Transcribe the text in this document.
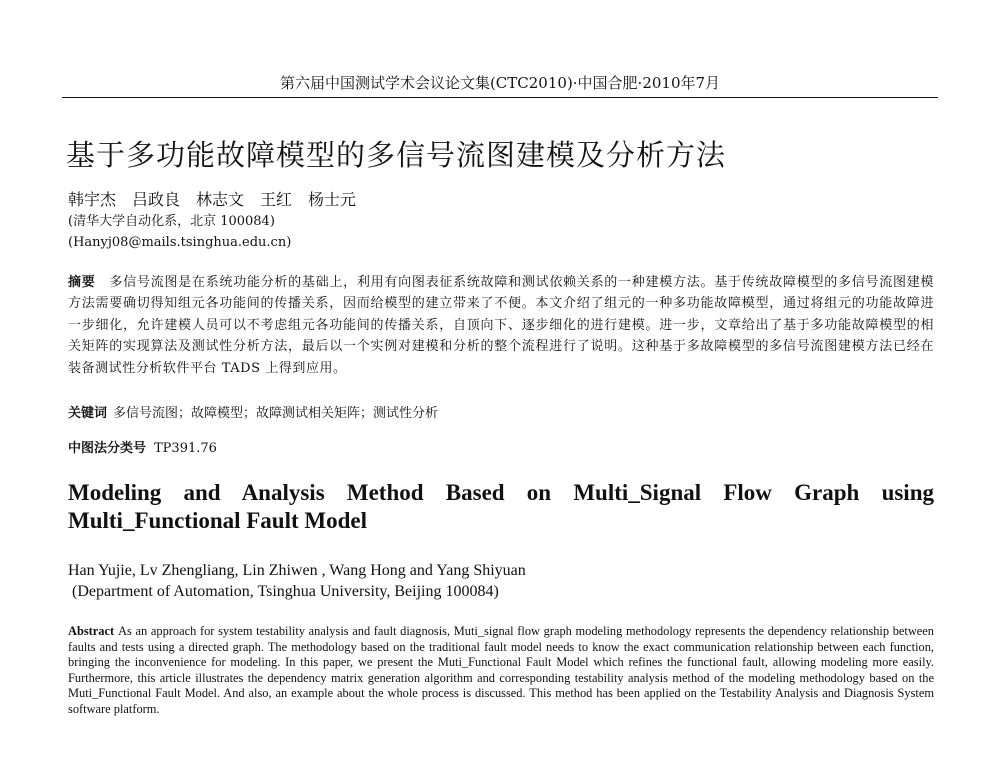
第六届中国测试学术会议论文集(CTC2010)·中国合肥·2010年7月
基于多功能故障模型的多信号流图建模及分析方法
韩宇杰　吕政良　林志文　王红　杨士元
(清华大学自动化系，北京 100084)
(Hanyj08@mails.tsinghua.edu.cn)

摘要 多信号流图是在系统功能分析的基础上，利用有向图表征系统故障和测试依赖关系的一种建模方法。基于传统故障模型的多信号流图建模方法需要确切得知组元各功能间的传播关系，因而给模型的建立带来了不便。本文介绍了组元的一种多功能故障模型，通过将组元的功能故障进一步细化，允许建模人员可以不考虑组元各功能间的传播关系，自顶向下、逐步细化的进行建模。进一步，文章给出了基于多功能故障模型的相关矩阵的实现算法及测试性分析方法，最后以一个实例对建模和分析的整个流程进行了说明。这种基于多故障模型的多信号流图建模方法已经在装备测试性分析软件平台 TADS 上得到应用。

关键词 多信号流图；故障模型；故障测试相关矩阵；测试性分析
中图法分类号 TP391.76
Modeling and Analysis Method Based on Multi_Signal Flow Graph using Multi_Functional Fault Model
Han Yujie, Lv Zhengliang, Lin Zhiwen , Wang Hong and Yang Shiyuan
(Department of Automation, Tsinghua University, Beijing 100084)

Abstract As an approach for system testability analysis and fault diagnosis, Muti_signal flow graph modeling methodology represents the dependency relationship between faults and tests using a directed graph. The methodology based on the traditional fault model needs to know the exact communication relationship between each function, bringing the inconvenience for modeling. In this paper, we present the Muti_Functional Fault Model which refines the functional fault, allowing modeling more easily. Furthermore, this article illustrates the dependency matrix generation algorithm and corresponding testability analysis method of the modeling methodology based on the Muti_Functional Fault Model. And also, an example about the whole process is discussed. This method has been applied on the Testability Analysis and Diagnosis System software platform.
